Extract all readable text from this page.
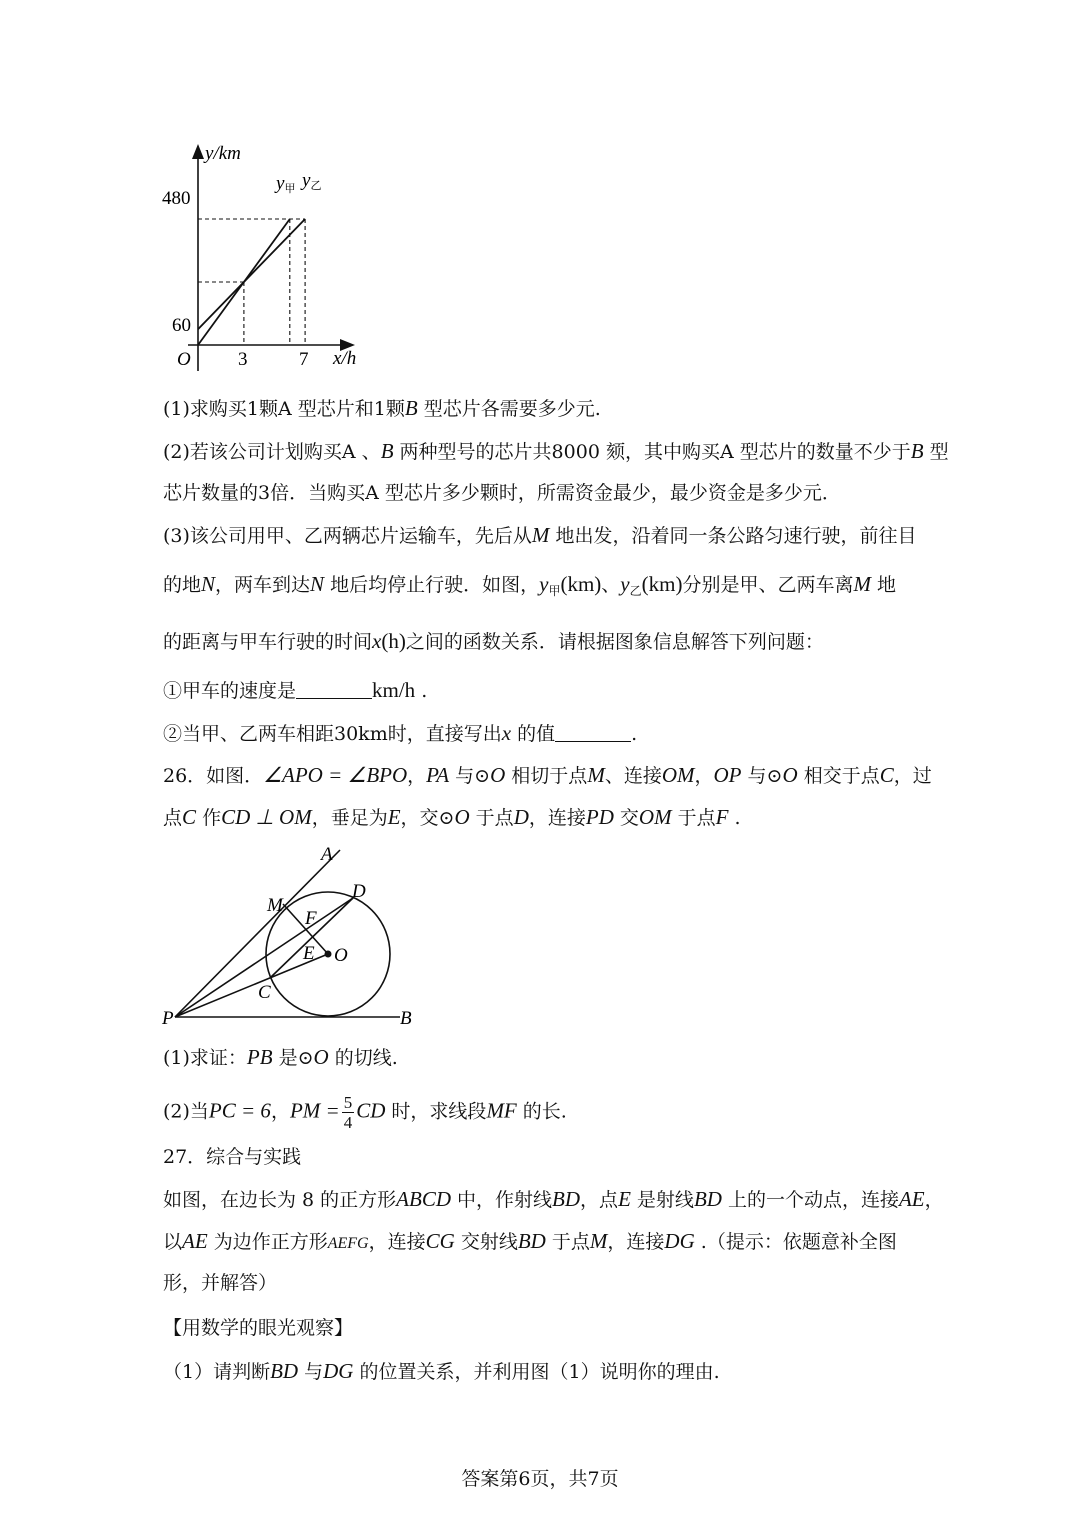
y/km
x/h
O
60
480
3	7
y甲 y乙
(1)求购买1颗A 型芯片和1颗B 型芯片各需要多少元.
(2)若该公司计划购买A 、B 两种型号的芯片共8000 颏，其中购买A 型芯片的数量不少于B 型
芯片数量的3倍．当购买A 型芯片多少颗时，所需资金最少，最少资金是多少元．
(3)该公司用甲、乙两辆芯片运输车，先后从M 地出发，沿着同一条公路匀速行驶，前往目
的地N，两车到达N 地后均停止行驶．如图，$y_甲(km)$、$y_乙(km)$分别是甲、乙两车离M 地
的距离与甲车行驶的时间x(h)之间的函数关系．请根据图象信息解答下列问题：
①甲车的速度是	km/h .
②当甲、乙两车相距30km时，直接写出x 的值	.
26．如图．∠APO = ∠BPO，PA 与⊙O 相切于点M、连接OM，OP 与⊙O 相交于点C，过
点C 作CD ⊥ OM，垂足为E，交⊙O 于点D，连接PD 交OM 于点F .
A
D
M
F
E O
C
P	B
(1)求证：PB 是⊙O 的切线.
(2)当PC = 6，PM = $\frac{5}{4}$ CD 时，求线段MF 的长.
27．综合与实践
如图，在边长为 8 的正方形ABCD 中，作射线BD，点E 是射线BD 上的一个动点，连接AE，
以AE 为边作正方形AEFG，连接CG 交射线BD 于点M，连接DG .（提示：依题意补全图
形，并解答）
【用数学的眼光观察】
（1）请判断BD 与DG 的位置关系，并利用图（1）说明你的理由.
答案第6页，共7页
